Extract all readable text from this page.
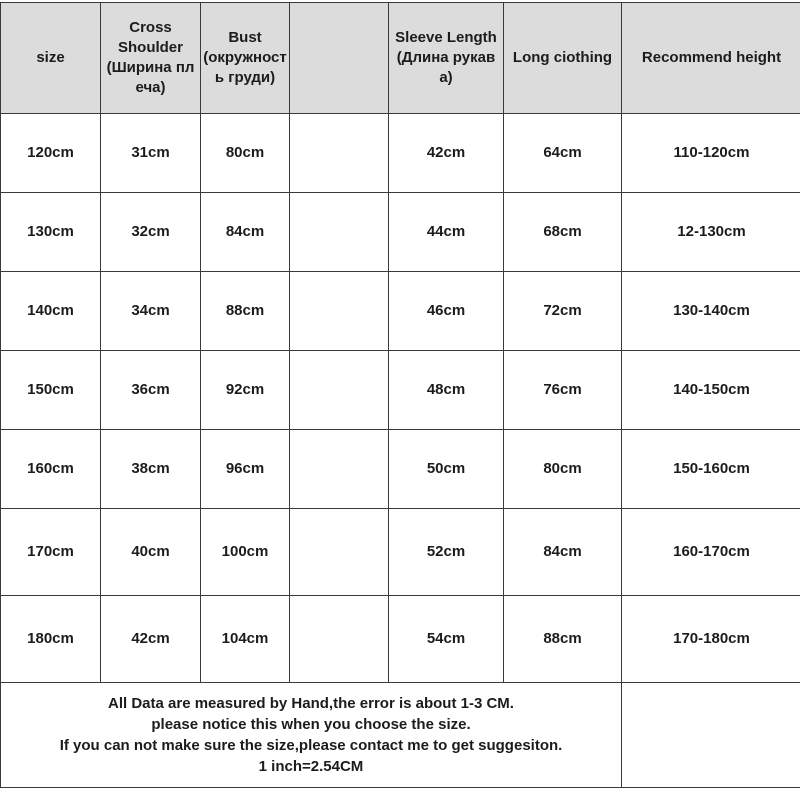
size	Cross
Shoulder
(Ширина пл
еча)	Bust
(окружност
ь груди)		Sleeve Length
(Длина рукав
а)	Long ciothing	Recommend height

120cm	31cm	80cm		42cm	64cm	110-120cm
130cm	32cm	84cm		44cm	68cm	12-130cm
140cm	34cm	88cm		46cm	72cm	130-140cm
150cm	36cm	92cm		48cm	76cm	140-150cm
160cm	38cm	96cm		50cm	80cm	150-160cm
170cm	40cm	100cm		52cm	84cm	160-170cm
180cm	42cm	104cm		54cm	88cm	170-180cm

All Data are measured by Hand,the error is about 1-3 CM.
please notice this when you choose the size.
If you can not make sure the size,please contact me to get suggesiton.
1 inch=2.54CM						
